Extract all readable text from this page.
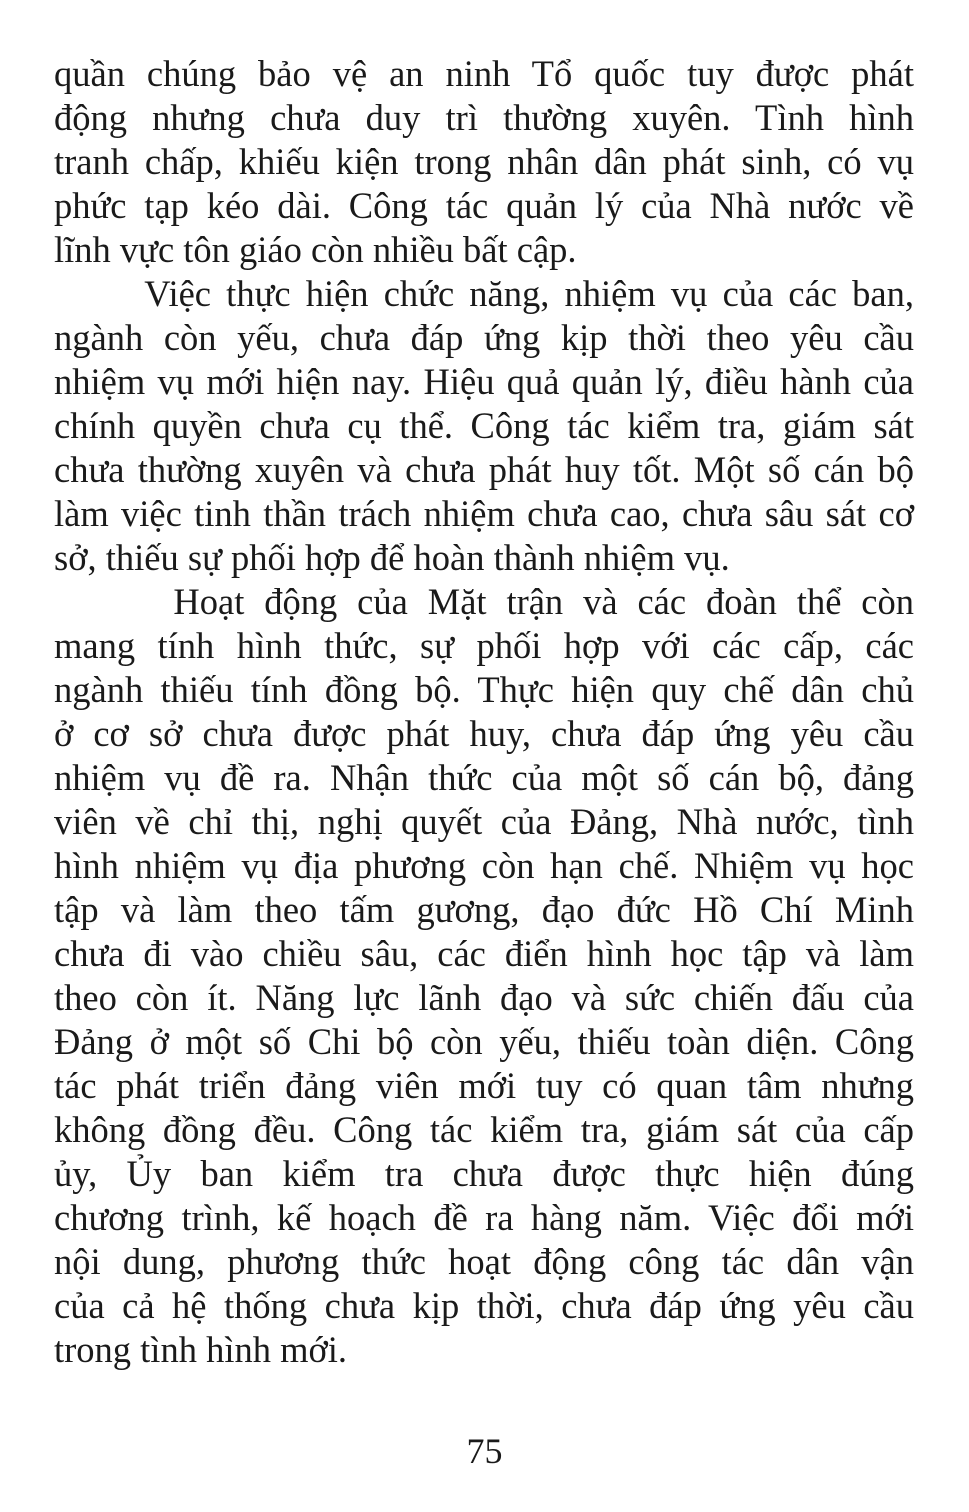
quần chúng bảo vệ an ninh Tổ quốc tuy được phát
động nhưng chưa duy trì thường xuyên. Tình hình
tranh chấp, khiếu kiện trong nhân dân phát sinh, có vụ
phức tạp kéo dài. Công tác quản lý của Nhà nước về
lĩnh vực tôn giáo còn nhiều bất cập.
Việc thực hiện chức năng, nhiệm vụ của các ban,
ngành còn yếu, chưa đáp ứng kịp thời theo yêu cầu
nhiệm vụ mới hiện nay. Hiệu quả quản lý, điều hành của
chính quyền chưa cụ thể. Công tác kiểm tra, giám sát
chưa thường xuyên và chưa phát huy tốt. Một số cán bộ
làm việc tinh thần trách nhiệm chưa cao, chưa sâu sát cơ
sở, thiếu sự phối hợp để hoàn thành nhiệm vụ.
Hoạt động của Mặt trận và các đoàn thể còn
mang tính hình thức, sự phối hợp với các cấp, các
ngành thiếu tính đồng bộ. Thực hiện quy chế dân chủ
ở cơ sở chưa được phát huy, chưa đáp ứng yêu cầu
nhiệm vụ đề ra. Nhận thức của một số cán bộ, đảng
viên về chỉ thị, nghị quyết của Đảng, Nhà nước, tình
hình nhiệm vụ địa phương còn hạn chế. Nhiệm vụ học
tập và làm theo tấm gương, đạo đức Hồ Chí Minh
chưa đi vào chiều sâu, các điển hình học tập và làm
theo còn ít. Năng lực lãnh đạo và sức chiến đấu của
Đảng ở một số Chi bộ còn yếu, thiếu toàn diện. Công
tác phát triển đảng viên mới tuy có quan tâm nhưng
không đồng đều. Công tác kiểm tra, giám sát của cấp
ủy, Ủy ban kiểm tra chưa được thực hiện đúng
chương trình, kế hoạch đề ra hàng năm. Việc đổi mới
nội dung, phương thức hoạt động công tác dân vận
của cả hệ thống chưa kịp thời, chưa đáp ứng yêu cầu
trong tình hình mới.
75
